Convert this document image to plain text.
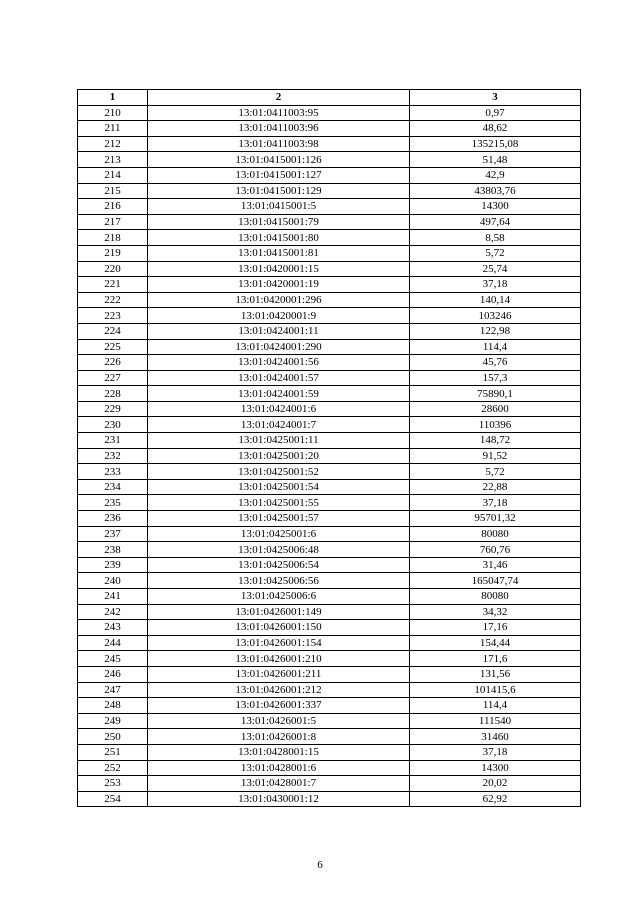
1	2	3
210	13:01:0411003:95	0,97
211	13:01:0411003:96	48,62
212	13:01:0411003:98	135215,08
213	13:01:0415001:126	51,48
214	13:01:0415001:127	42,9
215	13:01:0415001:129	43803,76
216	13:01:0415001:5	14300
217	13:01:0415001:79	497,64
218	13:01:0415001:80	8,58
219	13:01:0415001:81	5,72
220	13:01:0420001:15	25,74
221	13:01:0420001:19	37,18
222	13:01:0420001:296	140,14
223	13:01:0420001:9	103246
224	13:01:0424001:11	122,98
225	13:01:0424001:290	114,4
226	13:01:0424001:56	45,76
227	13:01:0424001:57	157,3
228	13:01:0424001:59	75890,1
229	13:01:0424001:6	28600
230	13:01:0424001:7	110396
231	13:01:0425001:11	148,72
232	13:01:0425001:20	91,52
233	13:01:0425001:52	5,72
234	13:01:0425001:54	22,88
235	13:01:0425001:55	37,18
236	13:01:0425001:57	95701,32
237	13:01:0425001:6	80080
238	13:01:0425006:48	760,76
239	13:01:0425006:54	31,46
240	13:01:0425006:56	165047,74
241	13:01:0425006:6	80080
242	13:01:0426001:149	34,32
243	13:01:0426001:150	17,16
244	13:01:0426001:154	154,44
245	13:01:0426001:210	171,6
246	13:01:0426001:211	131,56
247	13:01:0426001:212	101415,6
248	13:01:0426001:337	114,4
249	13:01:0426001:5	111540
250	13:01:0426001:8	31460
251	13:01:0428001:15	37,18
252	13:01:0428001:6	14300
253	13:01:0428001:7	20,02
254	13:01:0430001:12	62,92
6
